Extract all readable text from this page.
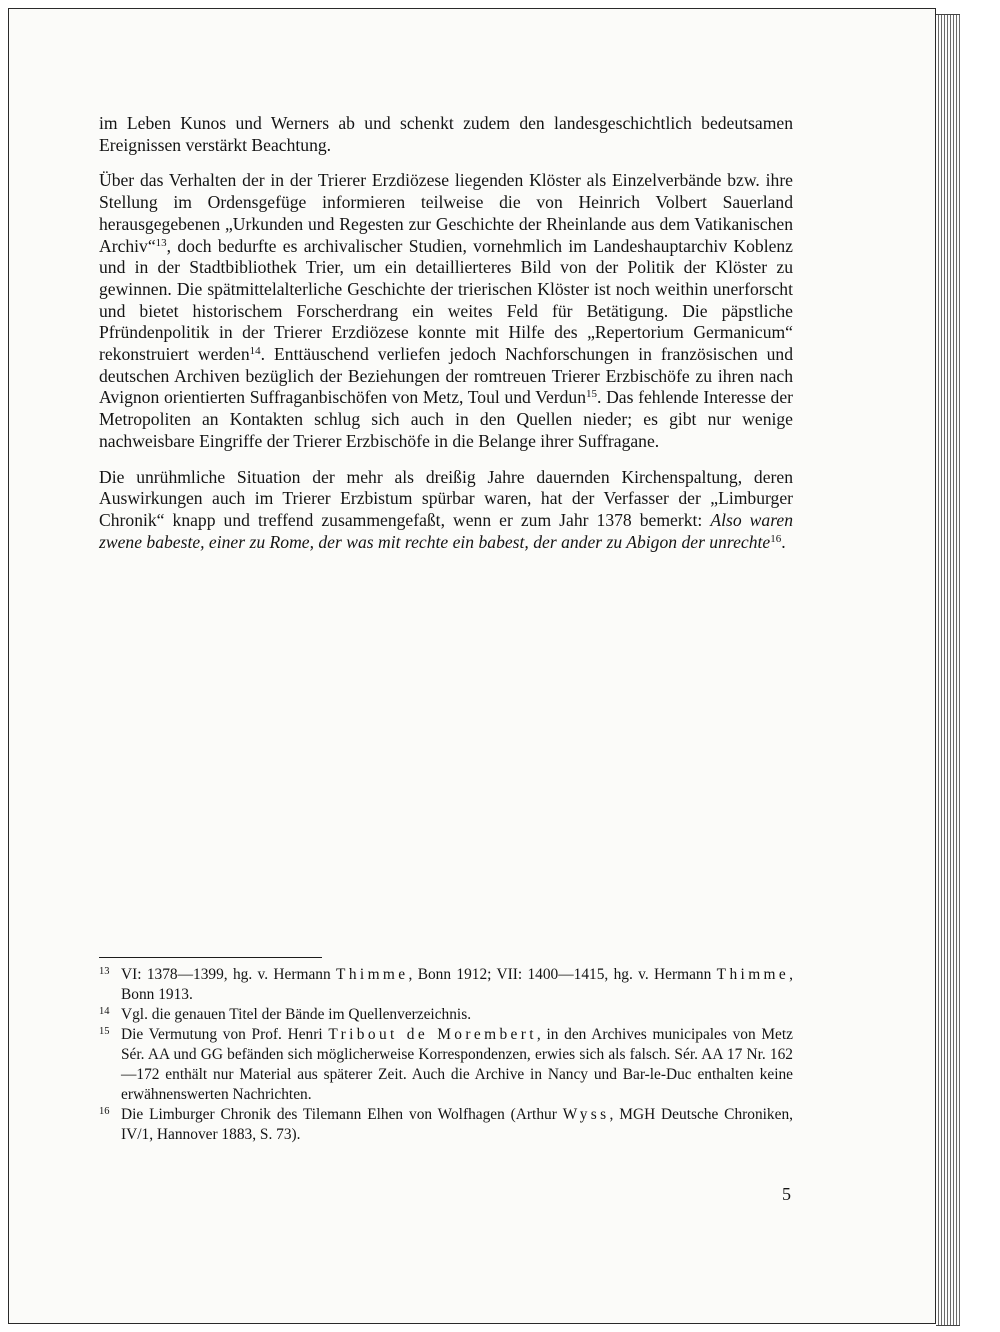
im Leben Kunos und Werners ab und schenkt zudem den landesgeschichtlich bedeutsamen Ereignissen verstärkt Beachtung.

Über das Verhalten der in der Trierer Erzdiözese liegenden Klöster als Einzelverbände bzw. ihre Stellung im Ordensgefüge informieren teilweise die von Heinrich Volbert Sauerland herausgegebenen „Urkunden und Regesten zur Geschichte der Rheinlande aus dem Vatikanischen Archiv“$^{13}$, doch bedurfte es archivalischer Studien, vornehmlich im Landeshauptarchiv Koblenz und in der Stadtbibliothek Trier, um ein detaillierteres Bild von der Politik der Klöster zu gewinnen. Die spätmittelalterliche Geschichte der trierischen Klöster ist noch weithin unerforscht und bietet historischem Forscherdrang ein weites Feld für Betätigung. Die päpstliche Pfründenpolitik in der Trierer Erzdiözese konnte mit Hilfe des „Repertorium Germanicum“ rekonstruiert werden$^{14}$. Enttäuschend verliefen jedoch Nachforschungen in französischen und deutschen Archiven bezüglich der Beziehungen der romtreuen Trierer Erzbischöfe zu ihren nach Avignon orientierten Suffraganbischöfen von Metz, Toul und Verdun$^{15}$. Das fehlende Interesse der Metropoliten an Kontakten schlug sich auch in den Quellen nieder; es gibt nur wenige nachweisbare Eingriffe der Trierer Erzbischöfe in die Belange ihrer Suffragane.

Die unrühmliche Situation der mehr als dreißig Jahre dauernden Kirchenspaltung, deren Auswirkungen auch im Trierer Erzbistum spürbar waren, hat der Verfasser der „Limburger Chronik“ knapp und treffend zusammengefaßt, wenn er zum Jahr 1378 bemerkt: Also waren zwene babeste, einer zu Rome, der was mit rechte ein babest, der ander zu Abigon der unrechte$^{16}$.

13 VI: 1378—1399, hg. v. Hermann Thimme, Bonn 1912; VII: 1400—1415, hg. v. Hermann Thimme, Bonn 1913.
14 Vgl. die genauen Titel der Bände im Quellenverzeichnis.
15 Die Vermutung von Prof. Henri Tribout de Morembert, in den Archives municipales von Metz Sér. AA und GG befänden sich möglicherweise Korrespondenzen, erwies sich als falsch. Sér. AA 17 Nr. 162—172 enthält nur Material aus späterer Zeit. Auch die Archive in Nancy und Bar-le-Duc enthalten keine erwähnenswerten Nachrichten.
16 Die Limburger Chronik des Tilemann Elhen von Wolfhagen (Arthur Wyss, MGH Deutsche Chroniken, IV/1, Hannover 1883, S. 73).
5
